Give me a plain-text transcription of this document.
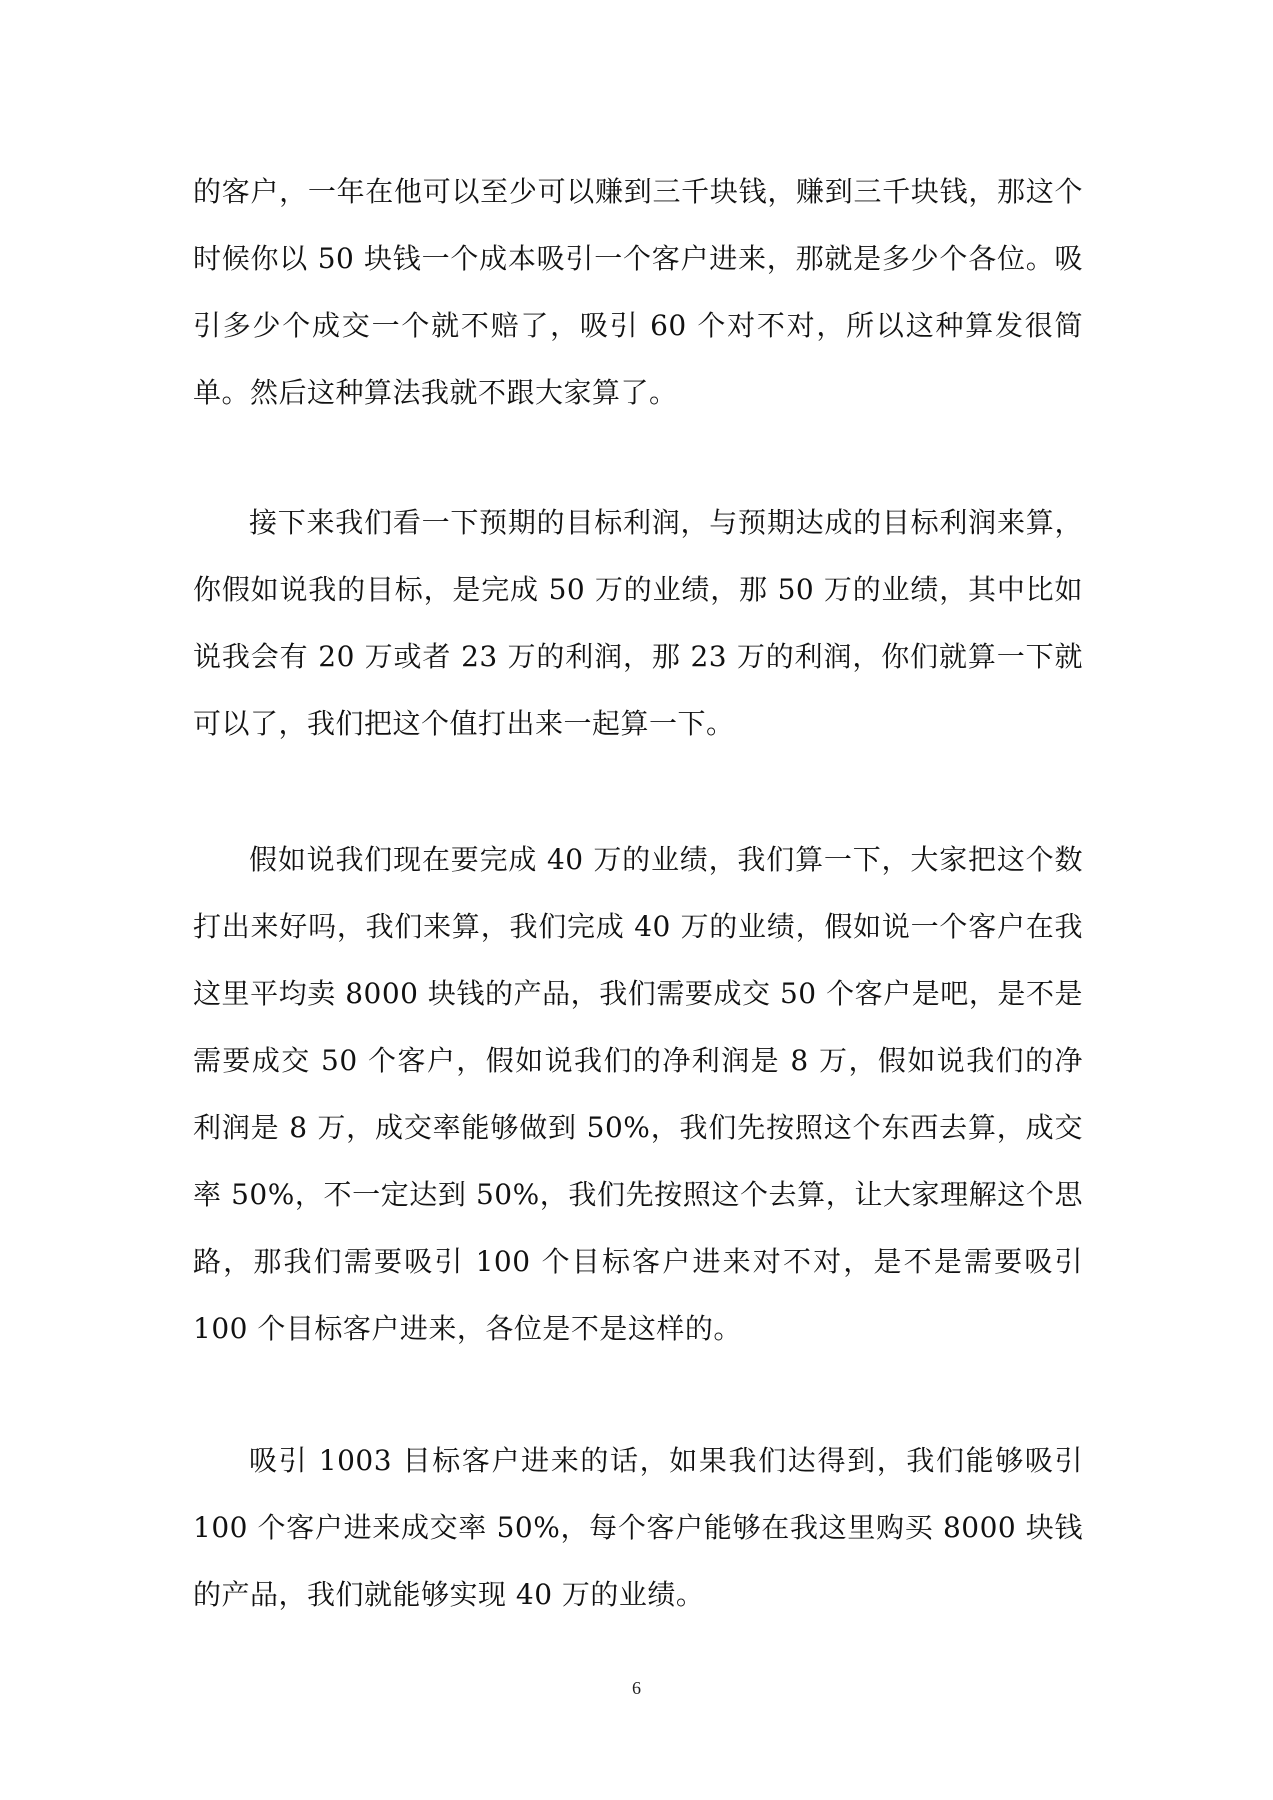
的客户，一年在他可以至少可以赚到三千块钱，赚到三千块钱，那这个时候你以 50 块钱一个成本吸引一个客户进来，那就是多少个各位。吸引多少个成交一个就不赔了，吸引 60 个对不对，所以这种算发很简单。然后这种算法我就不跟大家算了。

接下来我们看一下预期的目标利润，与预期达成的目标利润来算，你假如说我的目标，是完成 50 万的业绩，那 50 万的业绩，其中比如说我会有 20 万或者 23 万的利润，那 23 万的利润，你们就算一下就可以了，我们把这个值打出来一起算一下。

假如说我们现在要完成 40 万的业绩，我们算一下，大家把这个数打出来好吗，我们来算，我们完成 40 万的业绩，假如说一个客户在我这里平均卖 8000 块钱的产品，我们需要成交 50 个客户是吧，是不是需要成交 50 个客户，假如说我们的净利润是 8 万，假如说我们的净利润是 8 万，成交率能够做到 50%，我们先按照这个东西去算，成交率 50%，不一定达到 50%，我们先按照这个去算，让大家理解这个思路，那我们需要吸引 100 个目标客户进来对不对，是不是需要吸引 100 个目标客户进来，各位是不是这样的。

吸引 1003 目标客户进来的话，如果我们达得到，我们能够吸引 100 个客户进来成交率 50%，每个客户能够在我这里购买 8000 块钱的产品，我们就能够实现 40 万的业绩。

6
